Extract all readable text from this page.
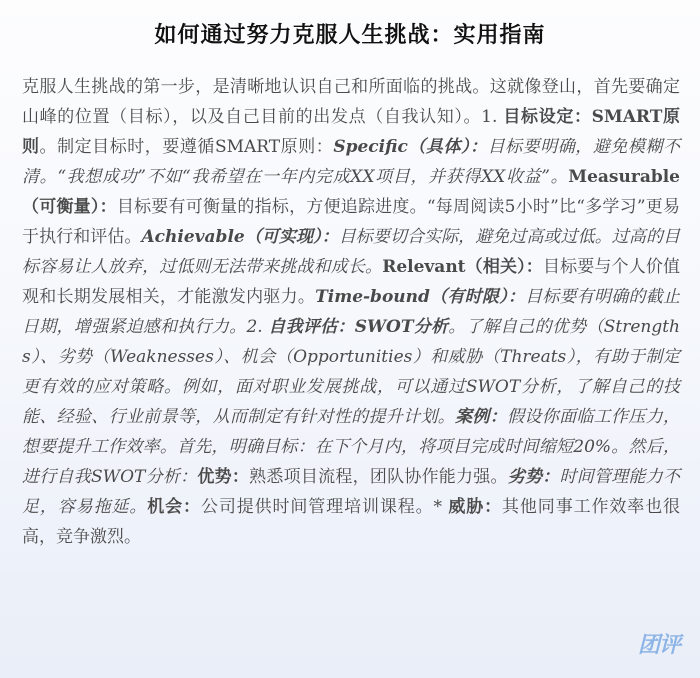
如何通过努力克服人生挑战：实用指南
克服人生挑战的第一步，是清晰地认识自己和所面临的挑战。这就像登山，首先要确定山峰的位置（目标），以及自己目前的出发点（自我认知）。1. 目标设定：SMART原则。制定目标时，要遵循SMART原则：Specific（具体）：目标要明确，避免模糊不清。“我想成功”不如“我希望在一年内完成XX项目，并获得XX收益”。Measurable（可衡量）：目标要有可衡量的指标，方便追踪进度。“每周阅读5小时”比“多学习”更易于执行和评估。Achievable（可实现）：目标要切合实际，避免过高或过低。过高的目标容易让人放弃，过低则无法带来挑战和成长。Relevant（相关）：目标要与个人价值观和长期发展相关，才能激发内驱力。Time-bound（有时限）：目标要有明确的截止日期，增强紧迫感和执行力。2. 自我评估：SWOT分析。了解自己的优势（Strengths）、劣势（Weaknesses）、机会（Opportunities）和威胁（Threats），有助于制定更有效的应对策略。例如，面对职业发展挑战，可以通过SWOT分析，了解自己的技能、经验、行业前景等，从而制定有针对性的提升计划。案例：假设你面临工作压力，想要提升工作效率。首先，明确目标：在下个月内，将项目完成时间缩短20%。然后，进行自我SWOT分析：优势：熟悉项目流程，团队协作能力强。劣势：时间管理能力不足，容易拖延。机会：公司提供时间管理培训课程。* 威胁：其他同事工作效率也很高，竞争激烈。
团评
